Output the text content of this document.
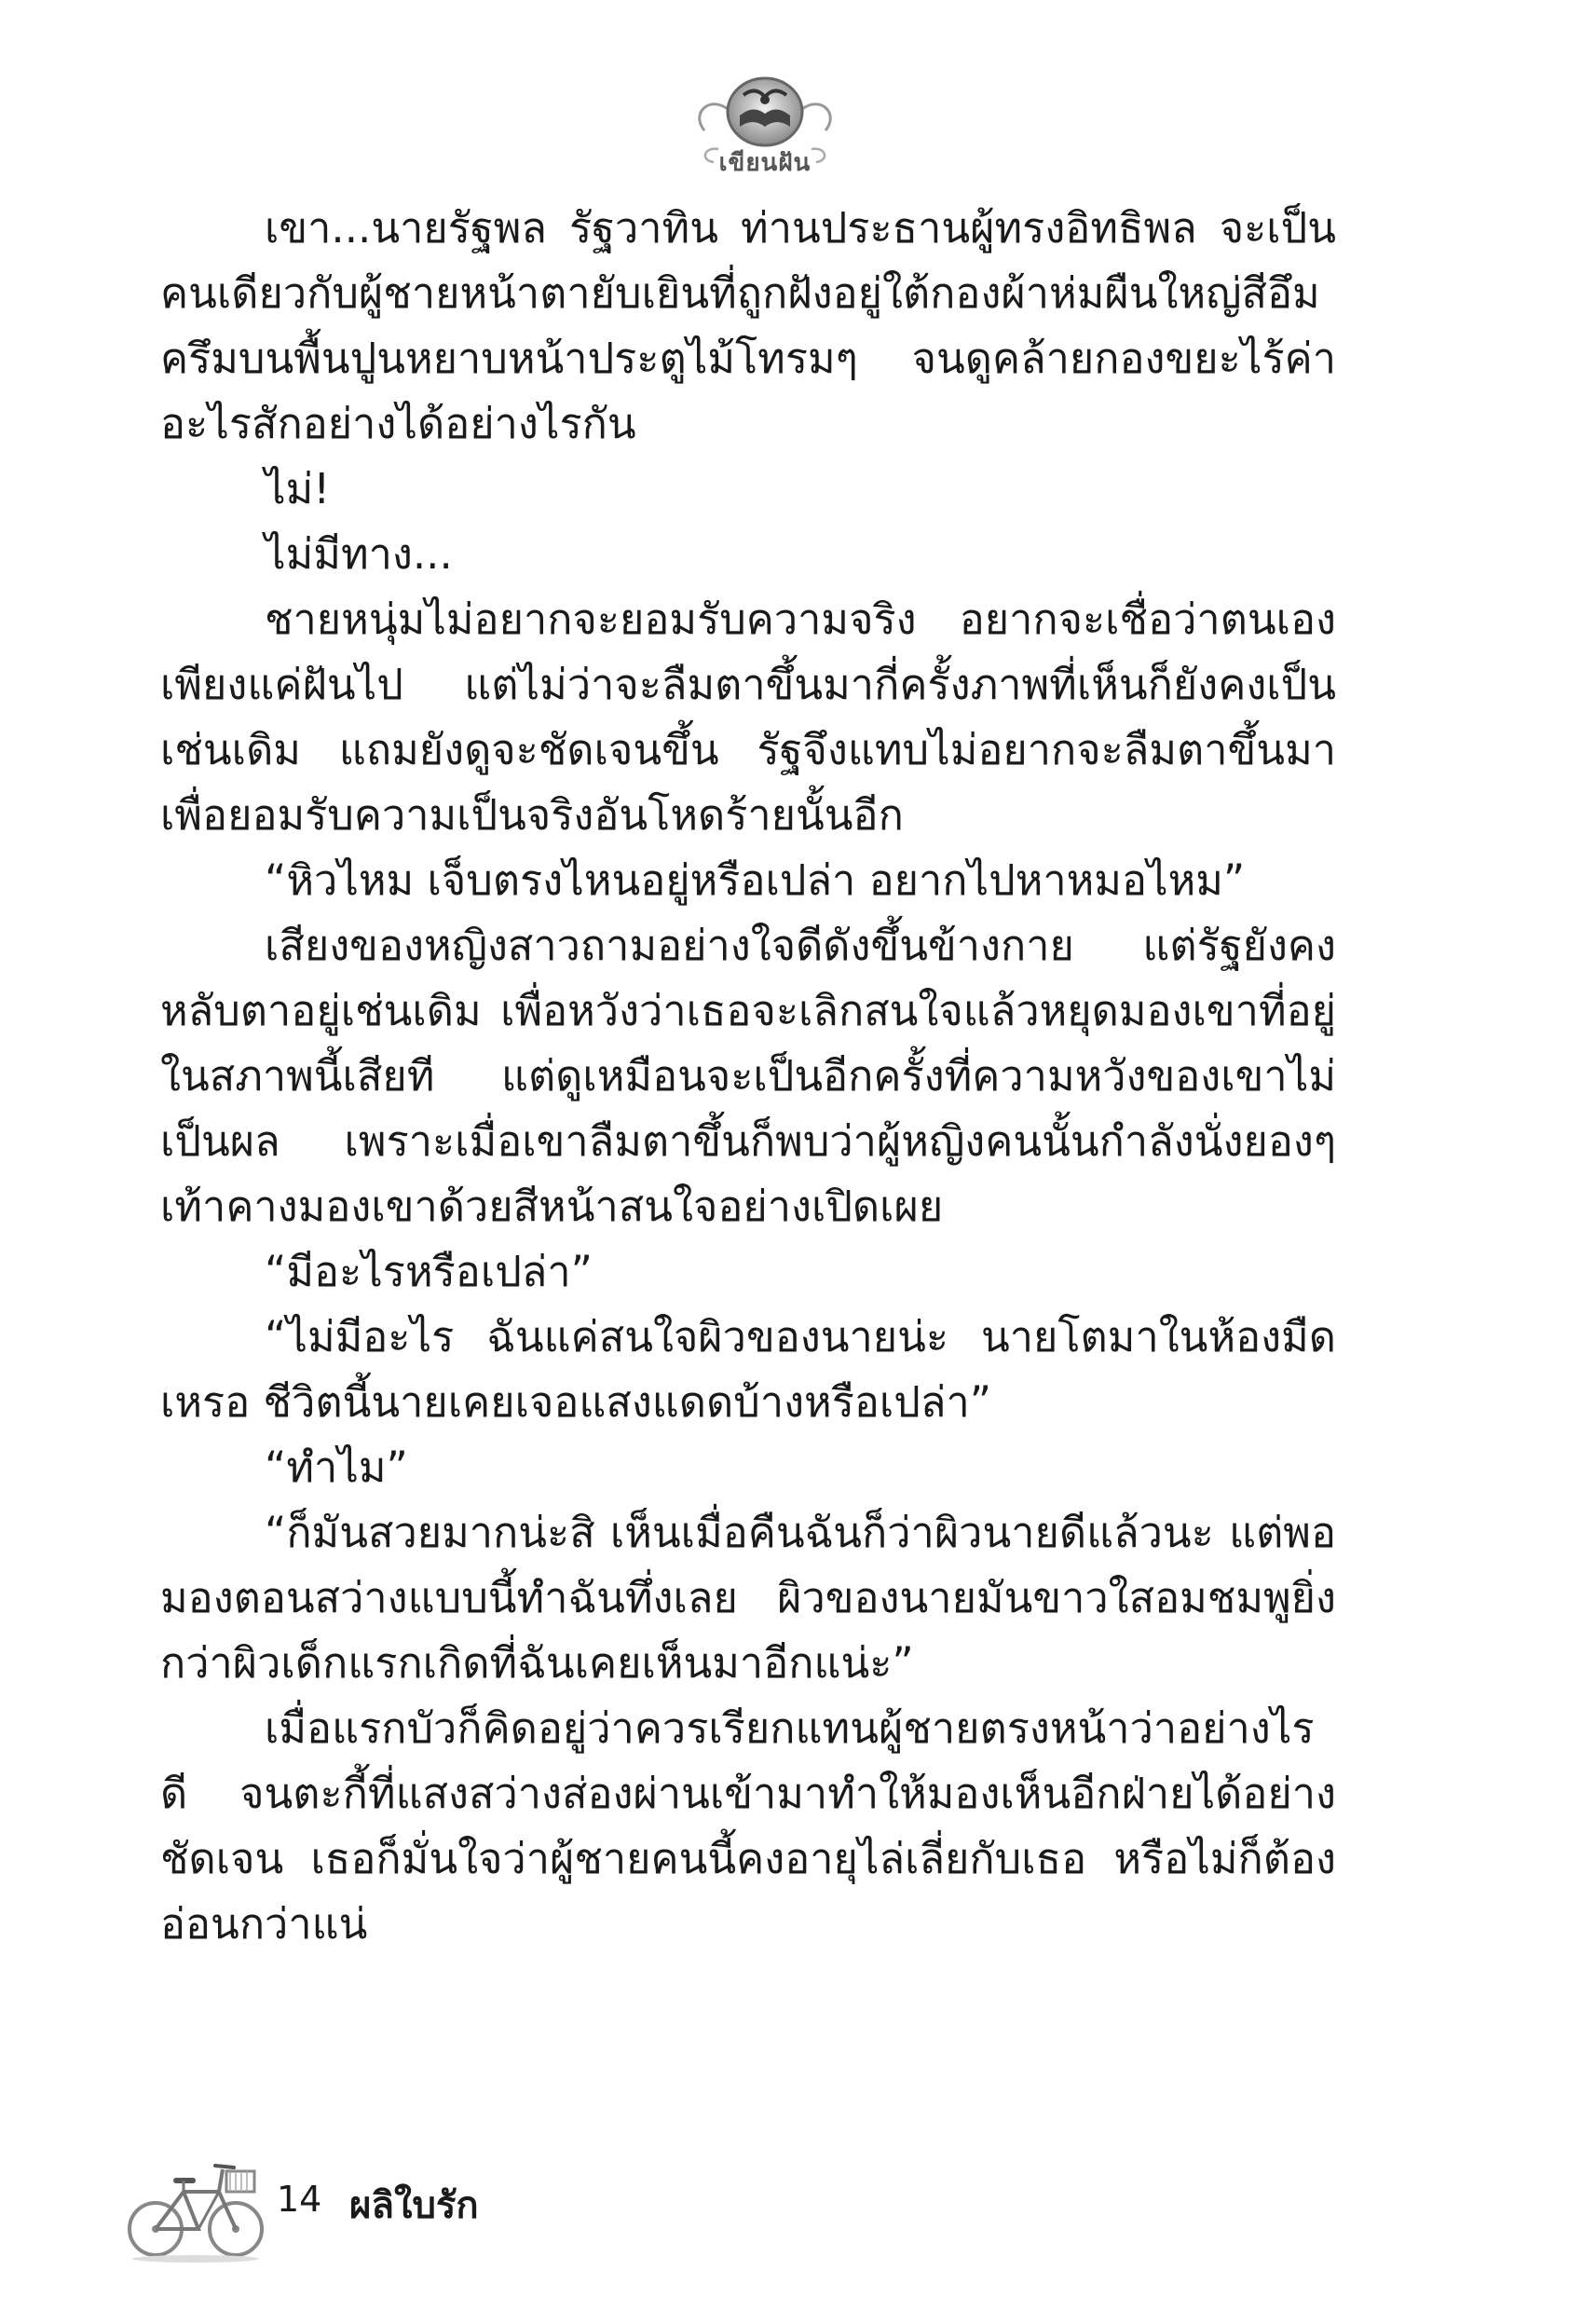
เขียนฝัน

เขา...นายรัฐพล รัฐวาทิน ท่านประธานผู้ทรงอิทธิพล จะเป็นคนเดียวกับผู้ชายหน้าตายับเยินที่ถูกฝังอยู่ใต้กองผ้าห่มผืนใหญ่สีอึมครึมบนพื้นปูนหยาบหน้าประตูไม้โทรมๆ จนดูคล้ายกองขยะไร้ค่าอะไรสักอย่างได้อย่างไรกัน

ไม่!

ไม่มีทาง...

ชายหนุ่มไม่อยากจะยอมรับความจริง อยากจะเชื่อว่าตนเองเพียงแค่ฝันไป แต่ไม่ว่าจะลืมตาขึ้นมากี่ครั้งภาพที่เห็นก็ยังคงเป็นเช่นเดิม แถมยังดูจะชัดเจนขึ้น รัฐจึงแทบไม่อยากจะลืมตาขึ้นมาเพื่อยอมรับความเป็นจริงอันโหดร้ายนั้นอีก

“หิวไหม เจ็บตรงไหนอยู่หรือเปล่า อยากไปหาหมอไหม”

เสียงของหญิงสาวถามอย่างใจดีดังขึ้นข้างกาย แต่รัฐยังคงหลับตาอยู่เช่นเดิม เพื่อหวังว่าเธอจะเลิกสนใจแล้วหยุดมองเขาที่อยู่ในสภาพนี้เสียที แต่ดูเหมือนจะเป็นอีกครั้งที่ความหวังของเขาไม่เป็นผล เพราะเมื่อเขาลืมตาขึ้นก็พบว่าผู้หญิงคนนั้นกำลังนั่งยองๆ เท้าคางมองเขาด้วยสีหน้าสนใจอย่างเปิดเผย

“มีอะไรหรือเปล่า”

“ไม่มีอะไร ฉันแค่สนใจผิวของนายน่ะ นายโตมาในห้องมืดเหรอ ชีวิตนี้นายเคยเจอแสงแดดบ้างหรือเปล่า”

“ทำไม”

“ก็มันสวยมากน่ะสิ เห็นเมื่อคืนฉันก็ว่าผิวนายดีแล้วนะ แต่พอมองตอนสว่างแบบนี้ทำฉันทึ่งเลย ผิวของนายมันขาวใสอมชมพูยิ่งกว่าผิวเด็กแรกเกิดที่ฉันเคยเห็นมาอีกแน่ะ”

เมื่อแรกบัวก็คิดอยู่ว่าควรเรียกแทนผู้ชายตรงหน้าว่าอย่างไรดี จนตะกี้ที่แสงสว่างส่องผ่านเข้ามาทำให้มองเห็นอีกฝ่ายได้อย่างชัดเจน เธอก็มั่นใจว่าผู้ชายคนนี้คงอายุไล่เลี่ยกับเธอ หรือไม่ก็ต้องอ่อนกว่าแน่

14 ผลิใบรัก
